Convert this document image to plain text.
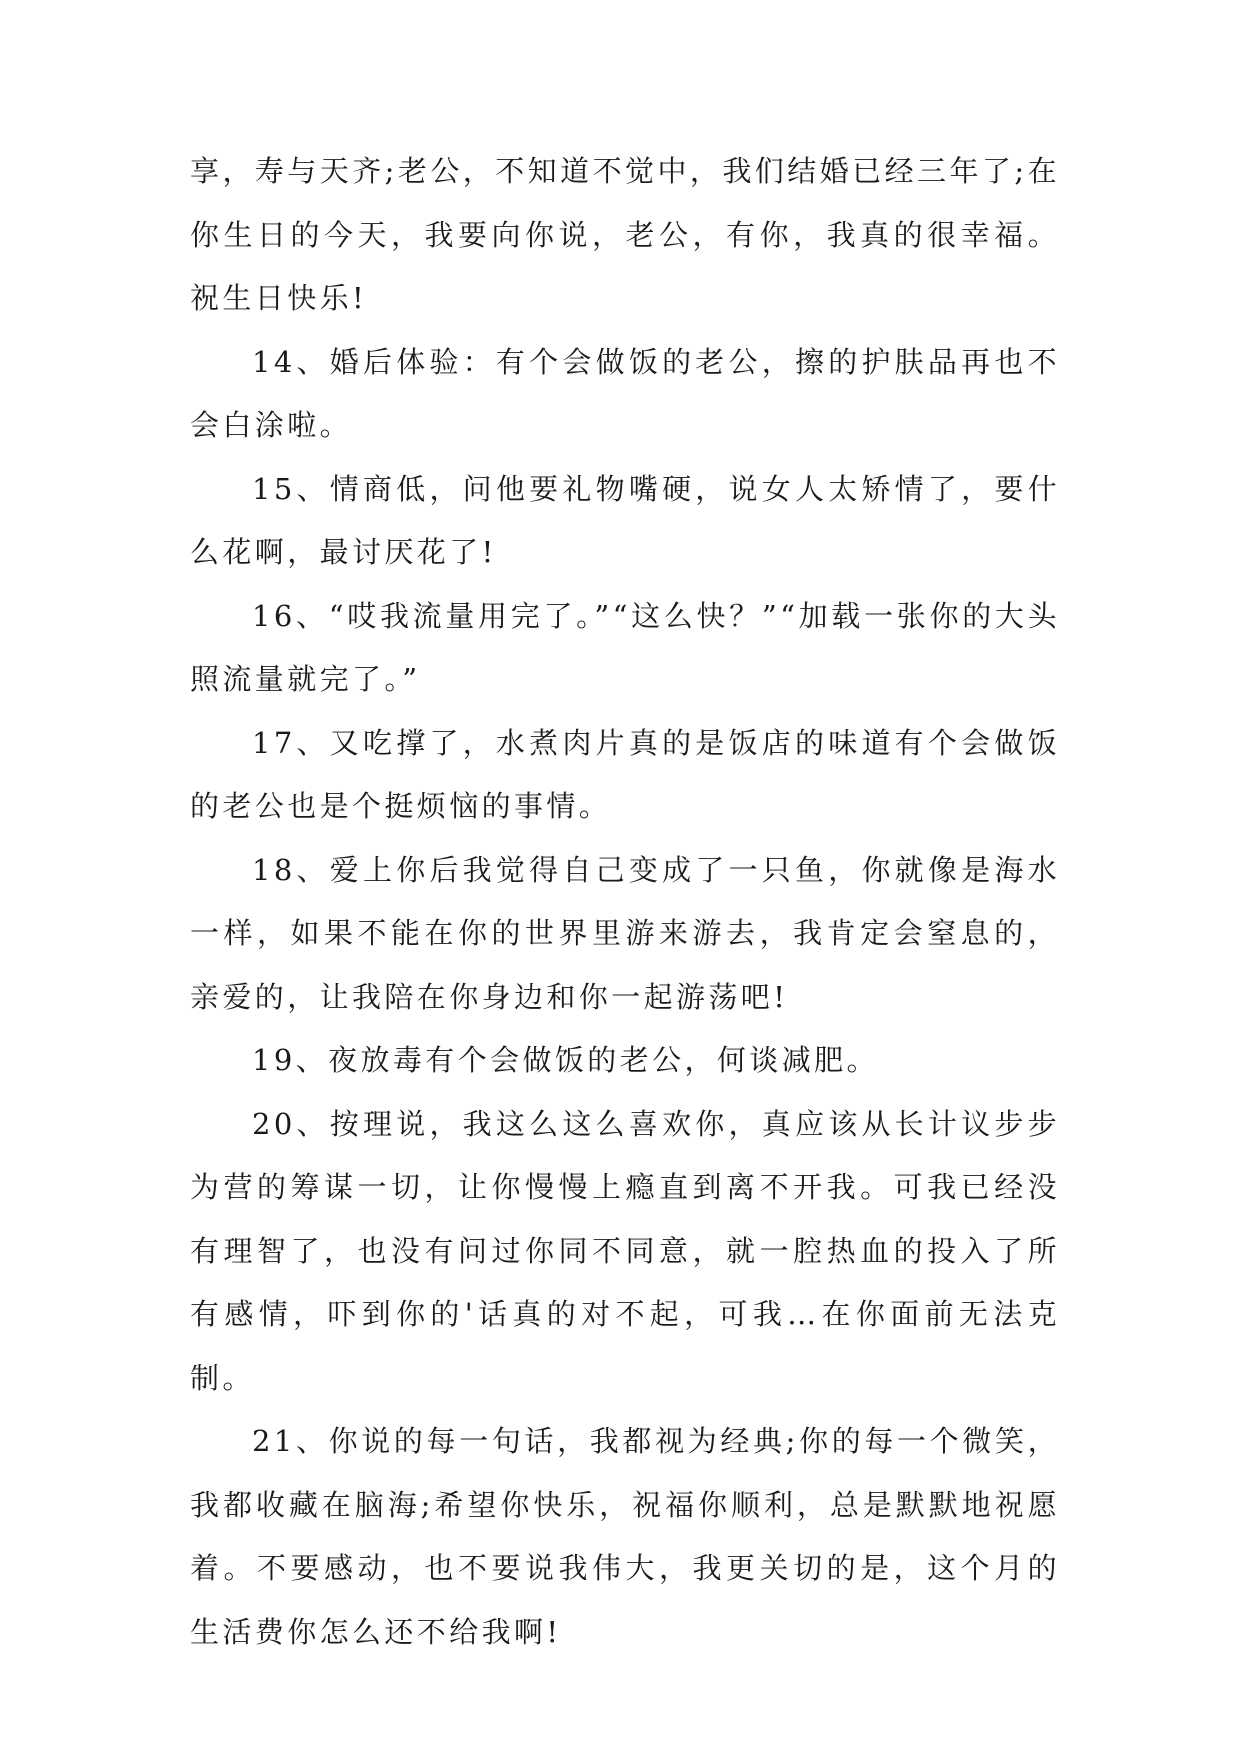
享，寿与天齐;老公，不知道不觉中，我们结婚已经三年了;在你生日的今天，我要向你说，老公，有你，我真的很幸福。祝生日快乐!

14、婚后体验：有个会做饭的老公，擦的护肤品再也不会白涂啦。

15、情商低，问他要礼物嘴硬，说女人太矫情了，要什么花啊，最讨厌花了!

16、“哎我流量用完了。”“这么快？”“加载一张你的大头照流量就完了。”

17、又吃撑了，水煮肉片真的是饭店的味道有个会做饭的老公也是个挺烦恼的事情。

18、爱上你后我觉得自己变成了一只鱼，你就像是海水一样，如果不能在你的世界里游来游去，我肯定会窒息的，亲爱的，让我陪在你身边和你一起游荡吧!

19、夜放毒有个会做饭的老公，何谈减肥。

20、按理说，我这么这么喜欢你，真应该从长计议步步为营的筹谋一切，让你慢慢上瘾直到离不开我。可我已经没有理智了，也没有问过你同不同意，就一腔热血的投入了所有感情，吓到你的'话真的对不起，可我…在你面前无法克制。

21、你说的每一句话，我都视为经典;你的每一个微笑，我都收藏在脑海;希望你快乐，祝福你顺利，总是默默地祝愿着。不要感动，也不要说我伟大，我更关切的是，这个月的生活费你怎么还不给我啊!
